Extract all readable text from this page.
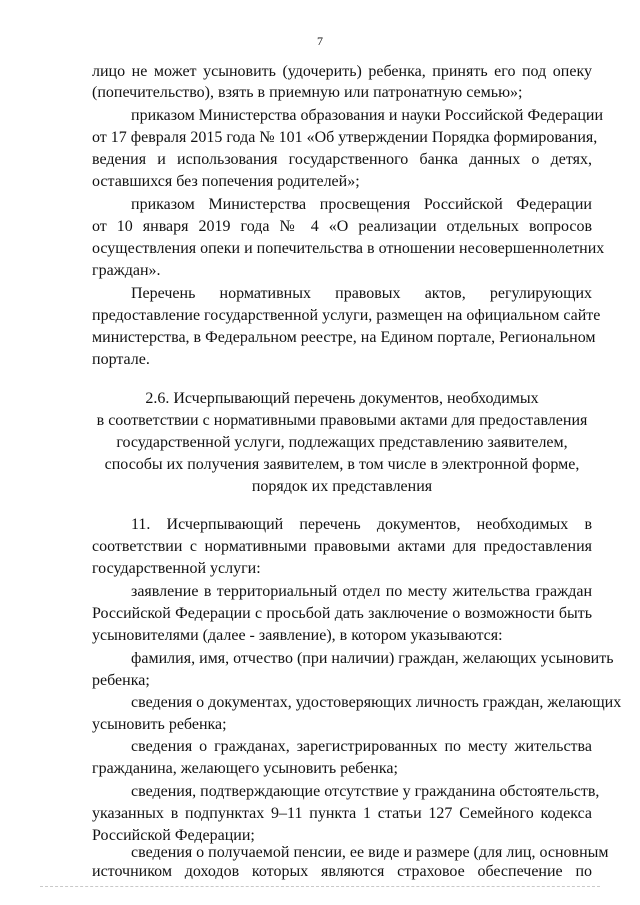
7
лицо не может усыновить (удочерить) ребенка, принять его под опеку
(попечительство), взять в приемную или патронатную семью»;
приказом Министерства образования и науки Российской Федерации
от 17 февраля 2015 года № 101 «Об утверждении Порядка формирования,
ведения и использования государственного банка данных о детях,
оставшихся без попечения родителей»;
приказом Министерства просвещения Российской Федерации
от 10 января 2019 года № 4 «О реализации отдельных вопросов
осуществления опеки и попечительства в отношении несовершеннолетних
граждан».
Перечень нормативных правовых актов, регулирующих
предоставление государственной услуги, размещен на официальном сайте
министерства, в Федеральном реестре, на Едином портале, Региональном
портале.
2.6. Исчерпывающий перечень документов, необходимых
в соответствии с нормативными правовыми актами для предоставления
государственной услуги, подлежащих представлению заявителем,
способы их получения заявителем, в том числе в электронной форме,
порядок их представления
11. Исчерпывающий перечень документов, необходимых в
соответствии с нормативными правовыми актами для предоставления
государственной услуги:
заявление в территориальный отдел по месту жительства граждан
Российской Федерации с просьбой дать заключение о возможности быть
усыновителями (далее - заявление), в котором указываются:
фамилия, имя, отчество (при наличии) граждан, желающих усыновить
ребенка;
сведения о документах, удостоверяющих личность граждан, желающих
усыновить ребенка;
сведения о гражданах, зарегистрированных по месту жительства
гражданина, желающего усыновить ребенка;
сведения, подтверждающие отсутствие у гражданина обстоятельств,
указанных в подпунктах 9–11 пункта 1 статьи 127 Семейного кодекса
Российской Федерации;
сведения о получаемой пенсии, ее виде и размере (для лиц, основным
источником доходов которых являются страховое обеспечение по
